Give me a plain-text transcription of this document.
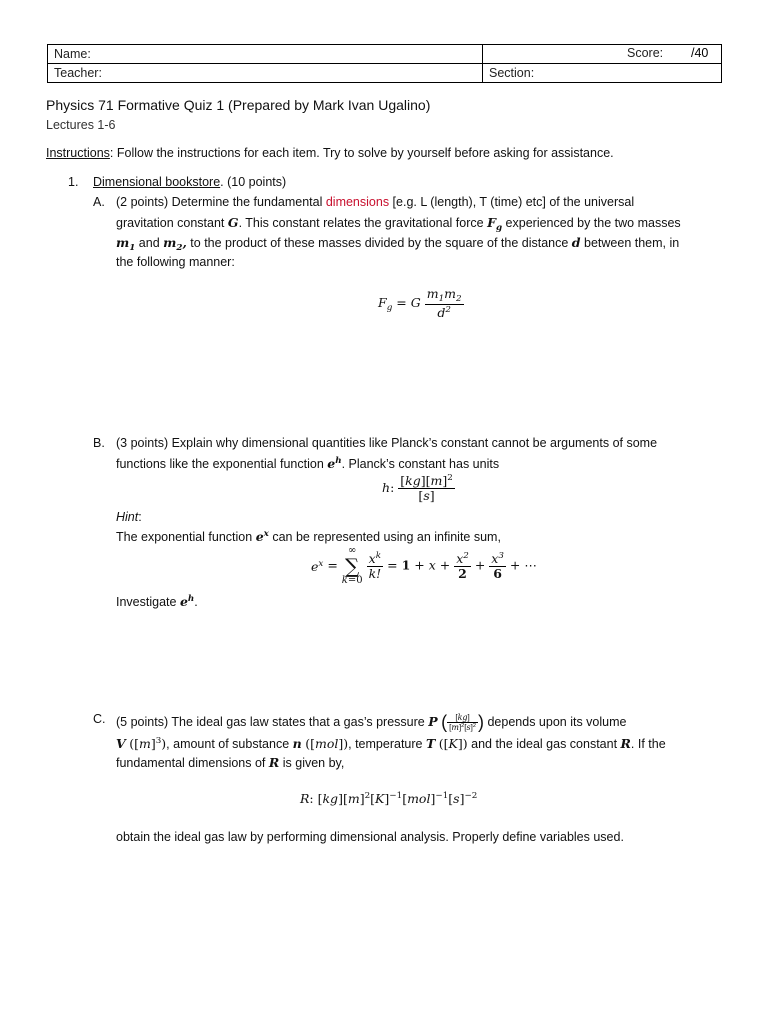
Name:	Score: /40

Teacher:	Section:
Physics 71 Formative Quiz 1 (Prepared by Mark Ivan Ugalino)
Lectures 1-6
Instructions: Follow the instructions for each item. Try to solve by yourself before asking for assistance.
1. Dimensional bookstore. (10 points)
A. (2 points) Determine the fundamental dimensions [e.g. L (length), T (time) etc] of the universal
gravitation constant G. This constant relates the gravitational force $F_g$ experienced by the two masses
$m_1$ and $m_2$, to the product of these masses divided by the square of the distance d between them, in
the following manner:
$F_g = G \frac{m_1m_2}{d^2}$
B. (3 points) Explain why dimensional quantities like Planck’s constant cannot be arguments of some
functions like the exponential function $e^h$. Planck’s constant has units
h: $\frac{[kg][m]^2}{[s]}$
Hint:
The exponential function $e^x$ can be represented using an infinite sum,
$e^x$ =
∞
∑
k=0
$\frac{x^k}{k!} = 1 + x + \frac{x^2}{2} + \frac{x^3}{6}$ + ⋯
Investigate $e^h$.
C. (5 points) The ideal gas law states that a gas’s pressure P ( $\frac{[kg]}{[m]^2[s]^2}$ ) depends upon its volume
V $([m]^3)$, amount of substance n ([mol]), temperature T ([K]) and the ideal gas constant R. If the
fundamental dimensions of R is given by,
R: $[kg][m]^2[K]^{-1}[mol]^{-1}[s]^{-2}$
obtain the ideal gas law by performing dimensional analysis. Properly define variables used.
